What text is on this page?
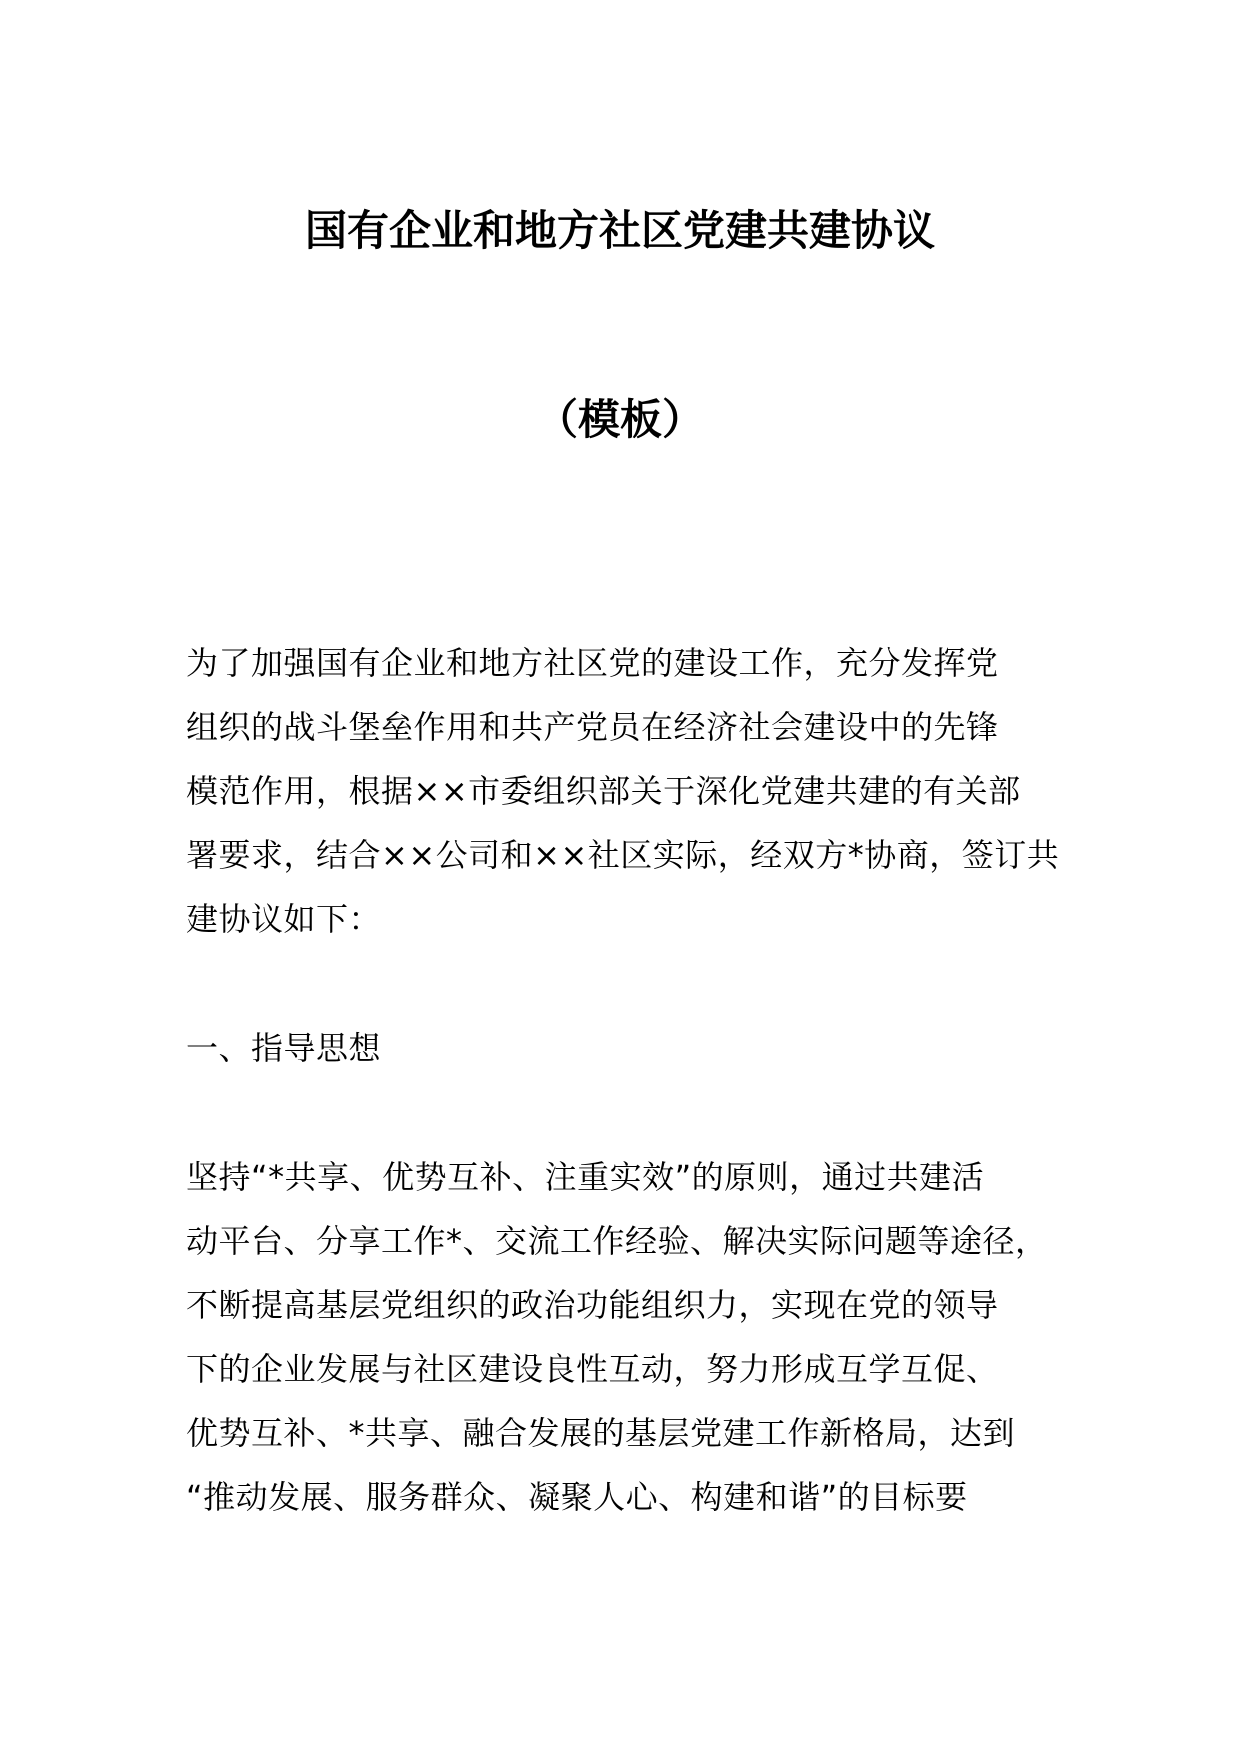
国有企业和地方社区党建共建协议
（模板）
为了加强国有企业和地方社区党的建设工作，充分发挥党
组织的战斗堡垒作用和共产党员在经济社会建设中的先锋
模范作用，根据××市委组织部关于深化党建共建的有关部
署要求，结合××公司和××社区实际，经双方*协商，签订共
建协议如下：
一、指导思想
坚持“*共享、优势互补、注重实效”的原则，通过共建活
动平台、分享工作*、交流工作经验、解决实际问题等途径，
不断提高基层党组织的政治功能组织力，实现在党的领导
下的企业发展与社区建设良性互动，努力形成互学互促、
优势互补、*共享、融合发展的基层党建工作新格局，达到
“推动发展、服务群众、凝聚人心、构建和谐”的目标要
